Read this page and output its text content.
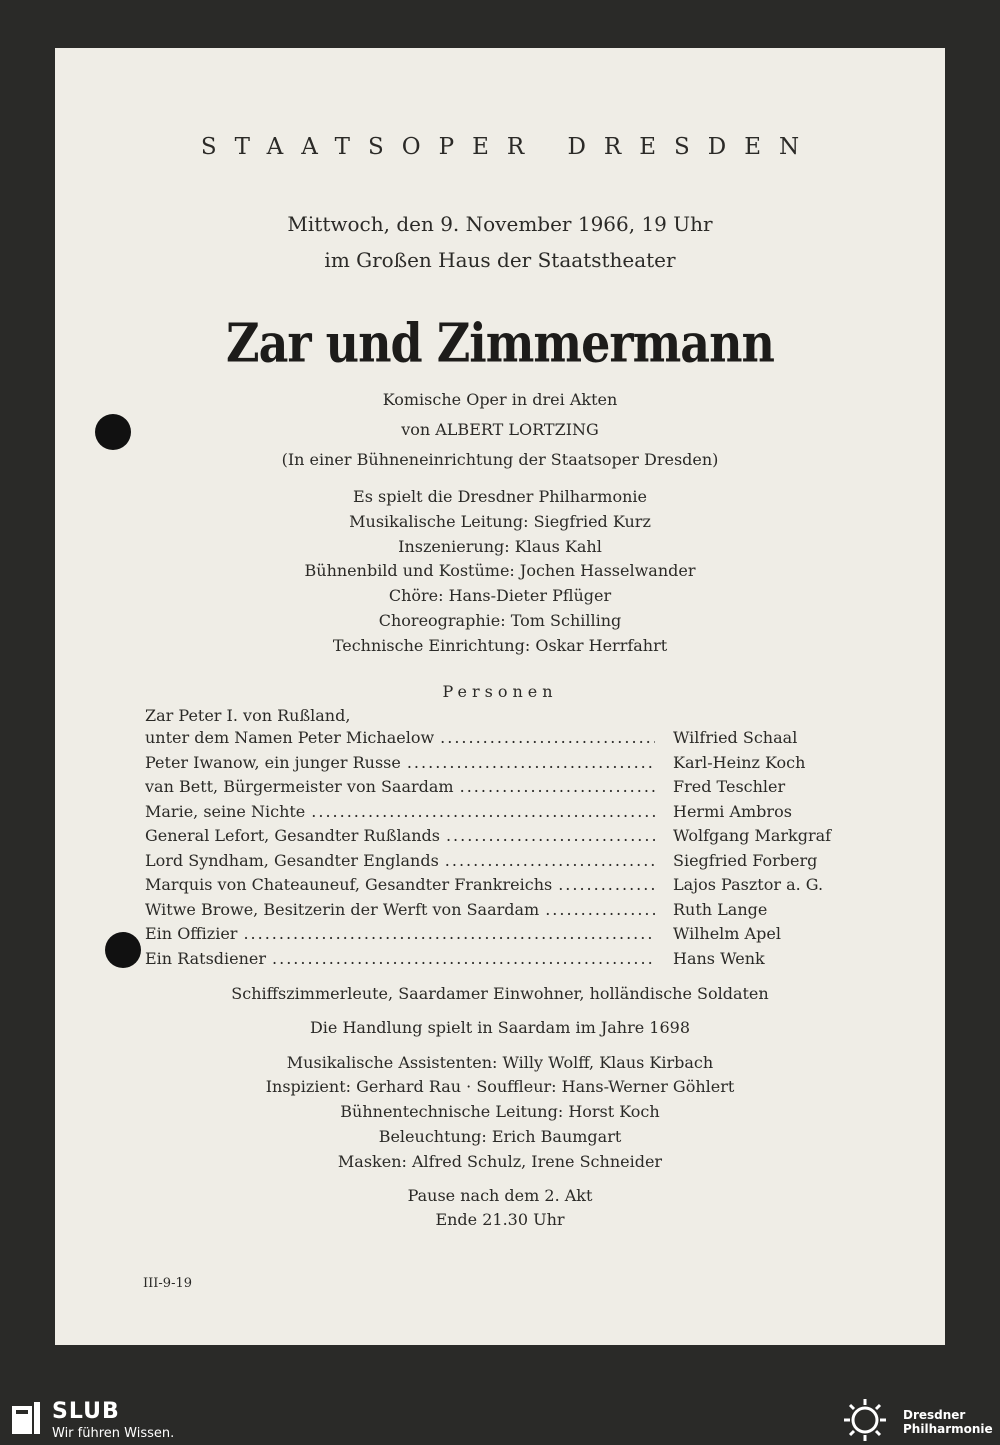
STAATSOPER DRESDEN
Mittwoch, den 9. November 1966, 19 Uhr
im Großen Haus der Staatstheater
Zar und Zimmermann
Komische Oper in drei Akten
von ALBERT LORTZING
(In einer Bühneneinrichtung der Staatsoper Dresden)
Es spielt die Dresdner Philharmonie
Musikalische Leitung: Siegfried Kurz
Inszenierung: Klaus Kahl
Bühnenbild und Kostüme: Jochen Hasselwander
Chöre: Hans-Dieter Pflüger
Choreographie: Tom Schilling
Technische Einrichtung: Oskar Herrfahrt
Personen
Zar Peter I. von Rußland,
unter dem Namen Peter Michaelow .....	Wilfried Schaal
Peter Iwanow, ein junger Russe .....	Karl-Heinz Koch
van Bett, Bürgermeister von Saardam .....	Fred Teschler
Marie, seine Nichte .....	Hermi Ambros
General Lefort, Gesandter Rußlands .....	Wolfgang Markgraf
Lord Syndham, Gesandter Englands .....	Siegfried Forberg
Marquis von Chateauneuf, Gesandter Frankreichs .....	Lajos Pasztor a. G.
Witwe Browe, Besitzerin der Werft von Saardam .....	Ruth Lange
Ein Offizier .....	Wilhelm Apel
Ein Ratsdiener .....	Hans Wenk
Schiffszimmerleute, Saardamer Einwohner, holländische Soldaten
Die Handlung spielt in Saardam im Jahre 1698
Musikalische Assistenten: Willy Wolff, Klaus Kirbach
Inspizient: Gerhard Rau · Souffleur: Hans-Werner Göhlert
Bühnentechnische Leitung: Horst Koch
Beleuchtung: Erich Baumgart
Masken: Alfred Schulz, Irene Schneider
Pause nach dem 2. Akt
Ende 21.30 Uhr
III-9-19
SLUB
Wir führen Wissen.
Dresdner
Philharmonie
